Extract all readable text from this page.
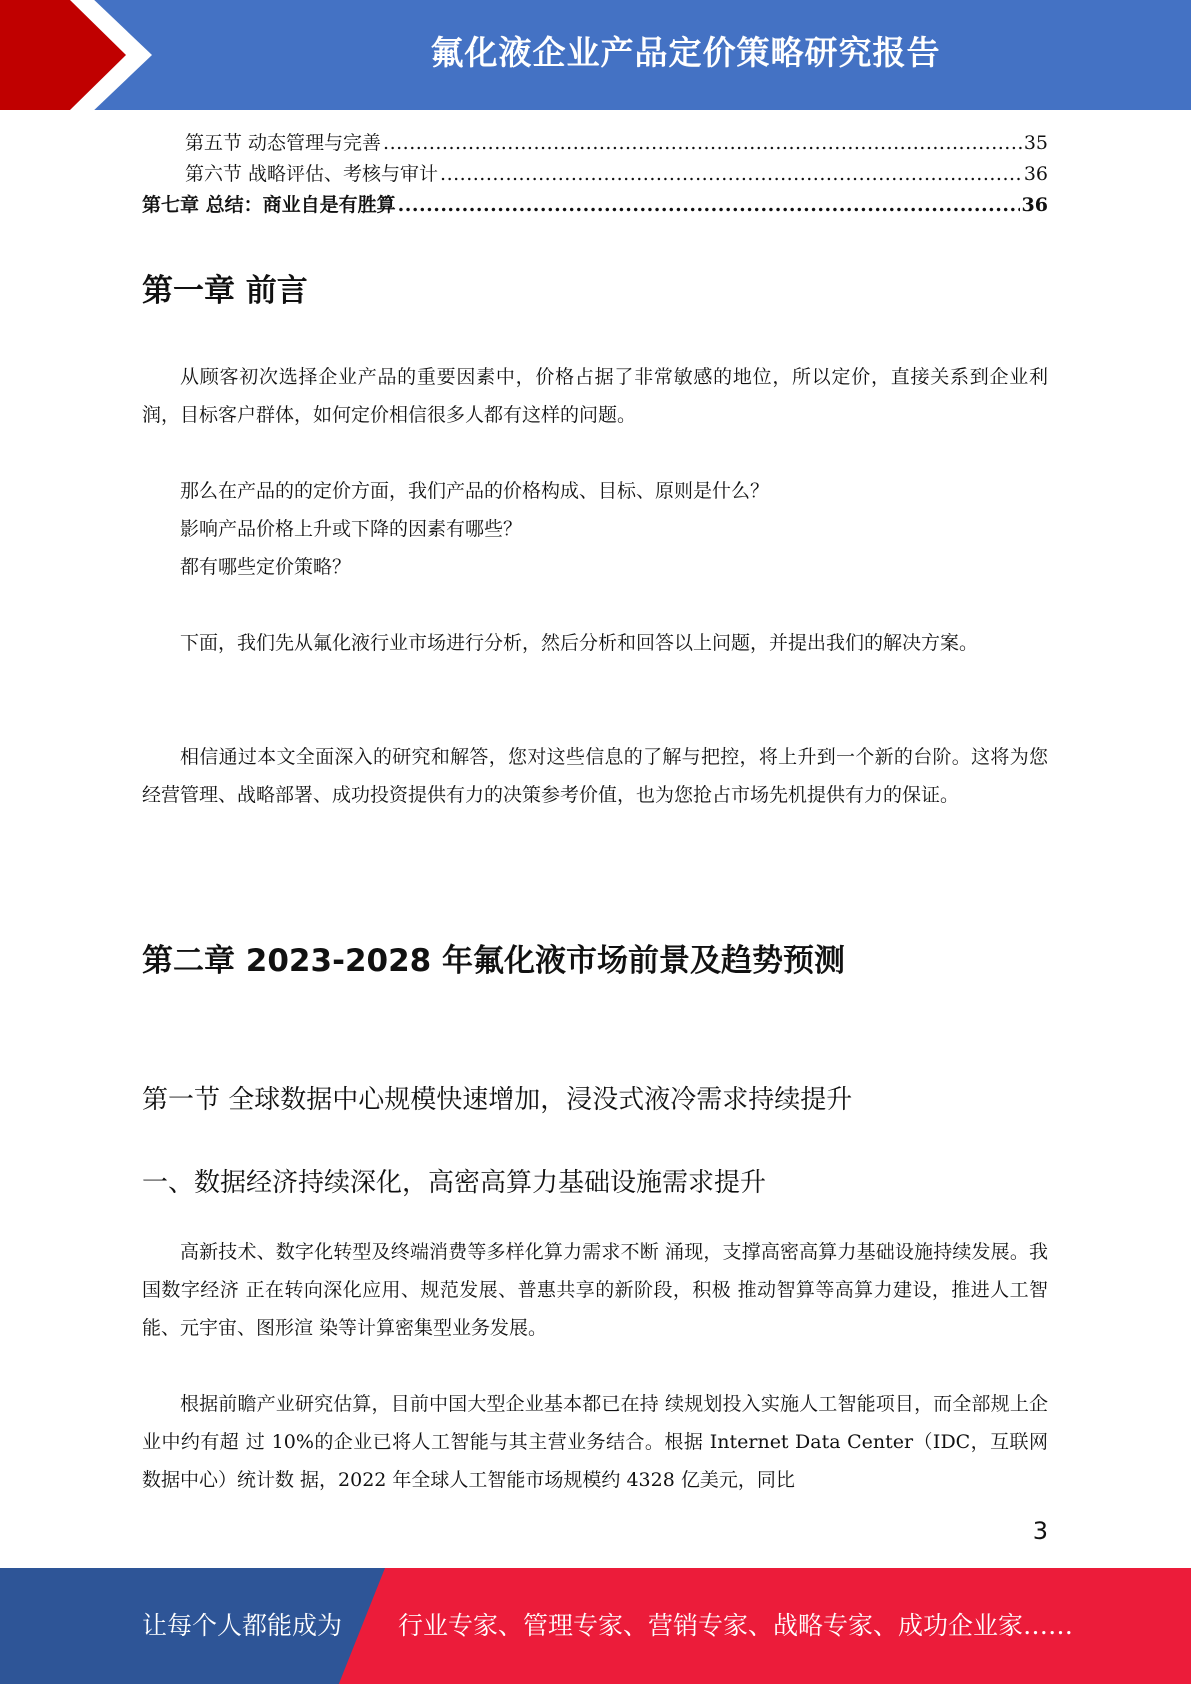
氟化液企业产品定价策略研究报告
第五节 动态管理与完善 .....	35
第六节 战略评估、考核与审计 .....	36
第七章 总结：商业自是有胜算 .....	36
第一章 前言

从顾客初次选择企业产品的重要因素中，价格占据了非常敏感的地位，所以定价，直接关系到企业利润，目标客户群体，如何定价相信很多人都有这样的问题。

那么在产品的的定价方面，我们产品的价格构成、目标、原则是什么？

影响产品价格上升或下降的因素有哪些？

都有哪些定价策略？

下面，我们先从氟化液行业市场进行分析，然后分析和回答以上问题，并提出我们的解决方案。

相信通过本文全面深入的研究和解答，您对这些信息的了解与把控，将上升到一个新的台阶。这将为您经营管理、战略部署、成功投资提供有力的决策参考价值，也为您抢占市场先机提供有力的保证。

第二章 2023-2028 年氟化液市场前景及趋势预测
第一节 全球数据中心规模快速增加，浸没式液冷需求持续提升
一、数据经济持续深化，高密高算力基础设施需求提升

高新技术、数字化转型及终端消费等多样化算力需求不断 涌现，支撑高密高算力基础设施持续发展。我国数字经济 正在转向深化应用、规范发展、普惠共享的新阶段，积极 推动智算等高算力建设，推进人工智能、元宇宙、图形渲 染等计算密集型业务发展。

根据前瞻产业研究估算，目前中国大型企业基本都已在持 续规划投入实施人工智能项目，而全部规上企业中约有超 过 10%的企业已将人工智能与其主营业务结合。根据 Internet Data Center（IDC，互联网数据中心）统计数 据，2022 年全球人工智能市场规模约 4328 亿美元，同比

3
让每个人都能成为 行业专家、管理专家、营销专家、战略专家、成功企业家……
